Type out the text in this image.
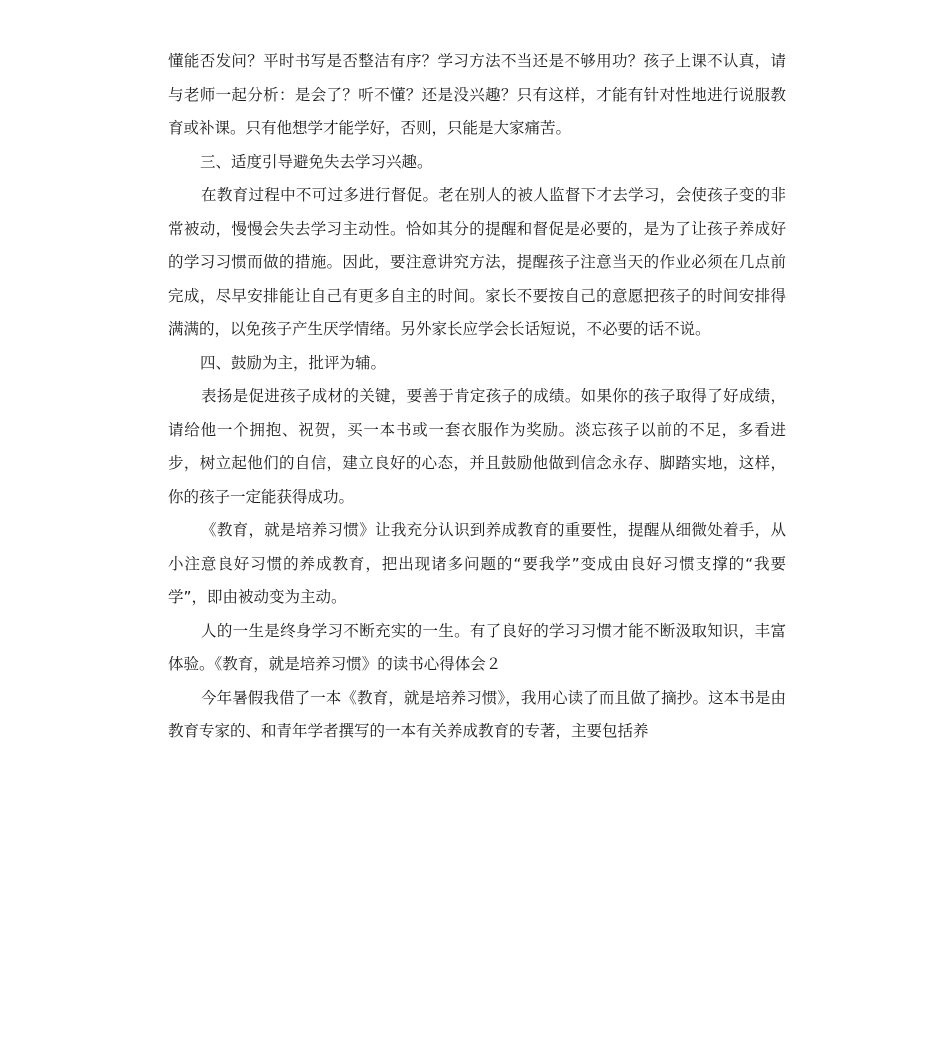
懂能否发问？平时书写是否整洁有序？学习方法不当还是不够用功？孩子上课不认真，请与老师一起分析：是会了？听不懂？还是没兴趣？只有这样，才能有针对性地进行说服教育或补课。只有他想学才能学好，否则，只能是大家痛苦。

三、适度引导避免失去学习兴趣。

在教育过程中不可过多进行督促。老在别人的被人监督下才去学习，会使孩子变的非常被动，慢慢会失去学习主动性。恰如其分的提醒和督促是必要的，是为了让孩子养成好的学习习惯而做的措施。因此，要注意讲究方法，提醒孩子注意当天的作业必须在几点前完成，尽早安排能让自己有更多自主的时间。家长不要按自己的意愿把孩子的时间安排得满满的，以免孩子产生厌学情绪。另外家长应学会长话短说，不必要的话不说。

四、鼓励为主，批评为辅。

表扬是促进孩子成材的关键，要善于肯定孩子的成绩。如果你的孩子取得了好成绩，请给他一个拥抱、祝贺，买一本书或一套衣服作为奖励。淡忘孩子以前的不足，多看进步，树立起他们的自信，建立良好的心态，并且鼓励他做到信念永存、脚踏实地，这样，你的孩子一定能获得成功。

《教育，就是培养习惯》让我充分认识到养成教育的重要性，提醒从细微处着手，从小注意良好习惯的养成教育，把出现诸多问题的“要我学”变成由良好习惯支撑的“我要学”，即由被动变为主动。

人的一生是终身学习不断充实的一生。有了良好的学习习惯才能不断汲取知识，丰富体验。《教育，就是培养习惯》的读书心得体会２

今年暑假我借了一本《教育，就是培养习惯》，我用心读了而且做了摘抄。这本书是由教育专家的、和青年学者撰写的一本有关养成教育的专著，主要包括养
